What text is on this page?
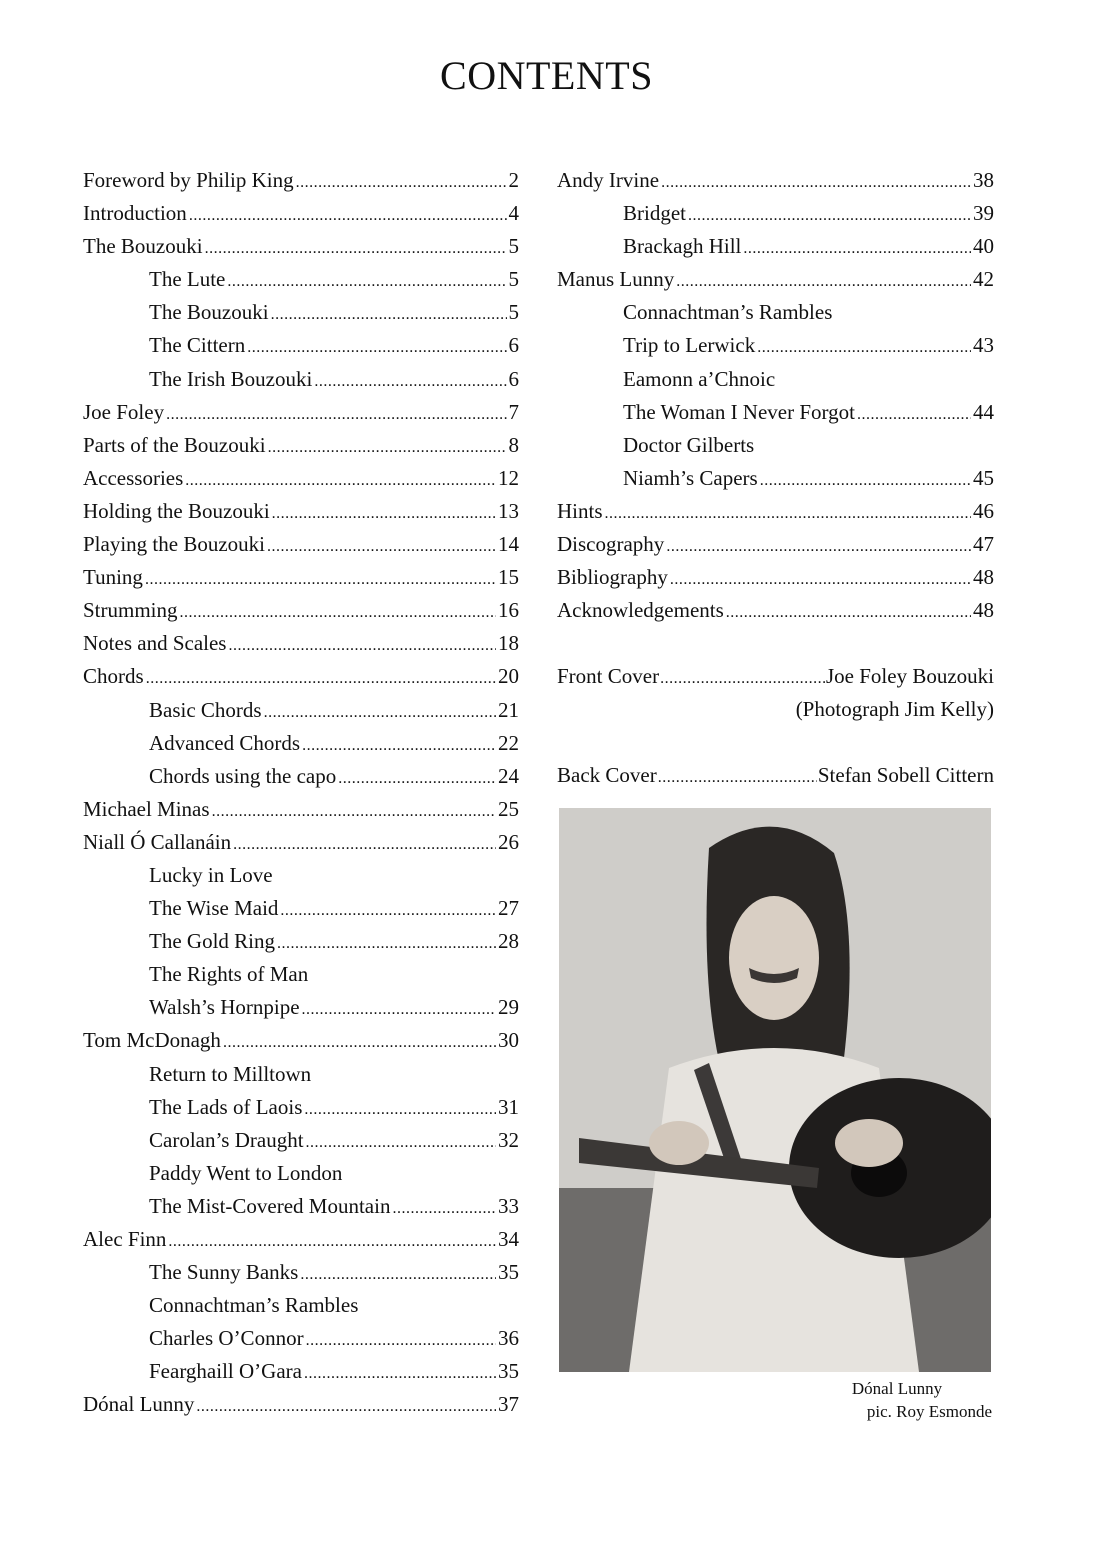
CONTENTS
Foreword by Philip King .....	2
Introduction .....	4
The Bouzouki .....	5
The Lute .....	5
The Bouzouki .....	5
The Cittern .....	6
The Irish Bouzouki .....	6
Joe Foley .....	7
Parts of the Bouzouki .....	8
Accessories .....	12
Holding the Bouzouki .....	13
Playing the Bouzouki .....	14
Tuning .....	15
Strumming .....	16
Notes and Scales .....	18
Chords .....	20
Basic Chords .....	21
Advanced Chords .....	22
Chords using the capo .....	24
Michael Minas .....	25
Niall Ó Callanáin .....	26
Lucky in Love
The Wise Maid .....	27
The Gold Ring .....	28
The Rights of Man
Walsh’s Hornpipe .....	29
Tom McDonagh .....	30
Return to Milltown
The Lads of Laois .....	31
Carolan’s Draught .....	32
Paddy Went to London
The Mist-Covered Mountain .....	33
Alec Finn .....	34
The Sunny Banks .....	35
Connachtman’s Rambles
Charles O’Connor .....	36
Fearghaill O’Gara .....	35
Dónal Lunny .....	37
Andy Irvine .....	38
Bridget .....	39
Brackagh Hill .....	40
Manus Lunny .....	42
Connachtman’s Rambles
Trip to Lerwick .....	43
Eamonn a’Chnoic
The Woman I Never Forgot .....	44
Doctor Gilberts
Niamh’s Capers .....	45
Hints .....	46
Discography .....	47
Bibliography .....	48
Acknowledgements .....	48
Front Cover .....	Joe Foley Bouzouki
(Photograph Jim Kelly)
Back Cover .....	Stefan Sobell Cittern
Dónal Lunny
pic. Roy Esmonde
